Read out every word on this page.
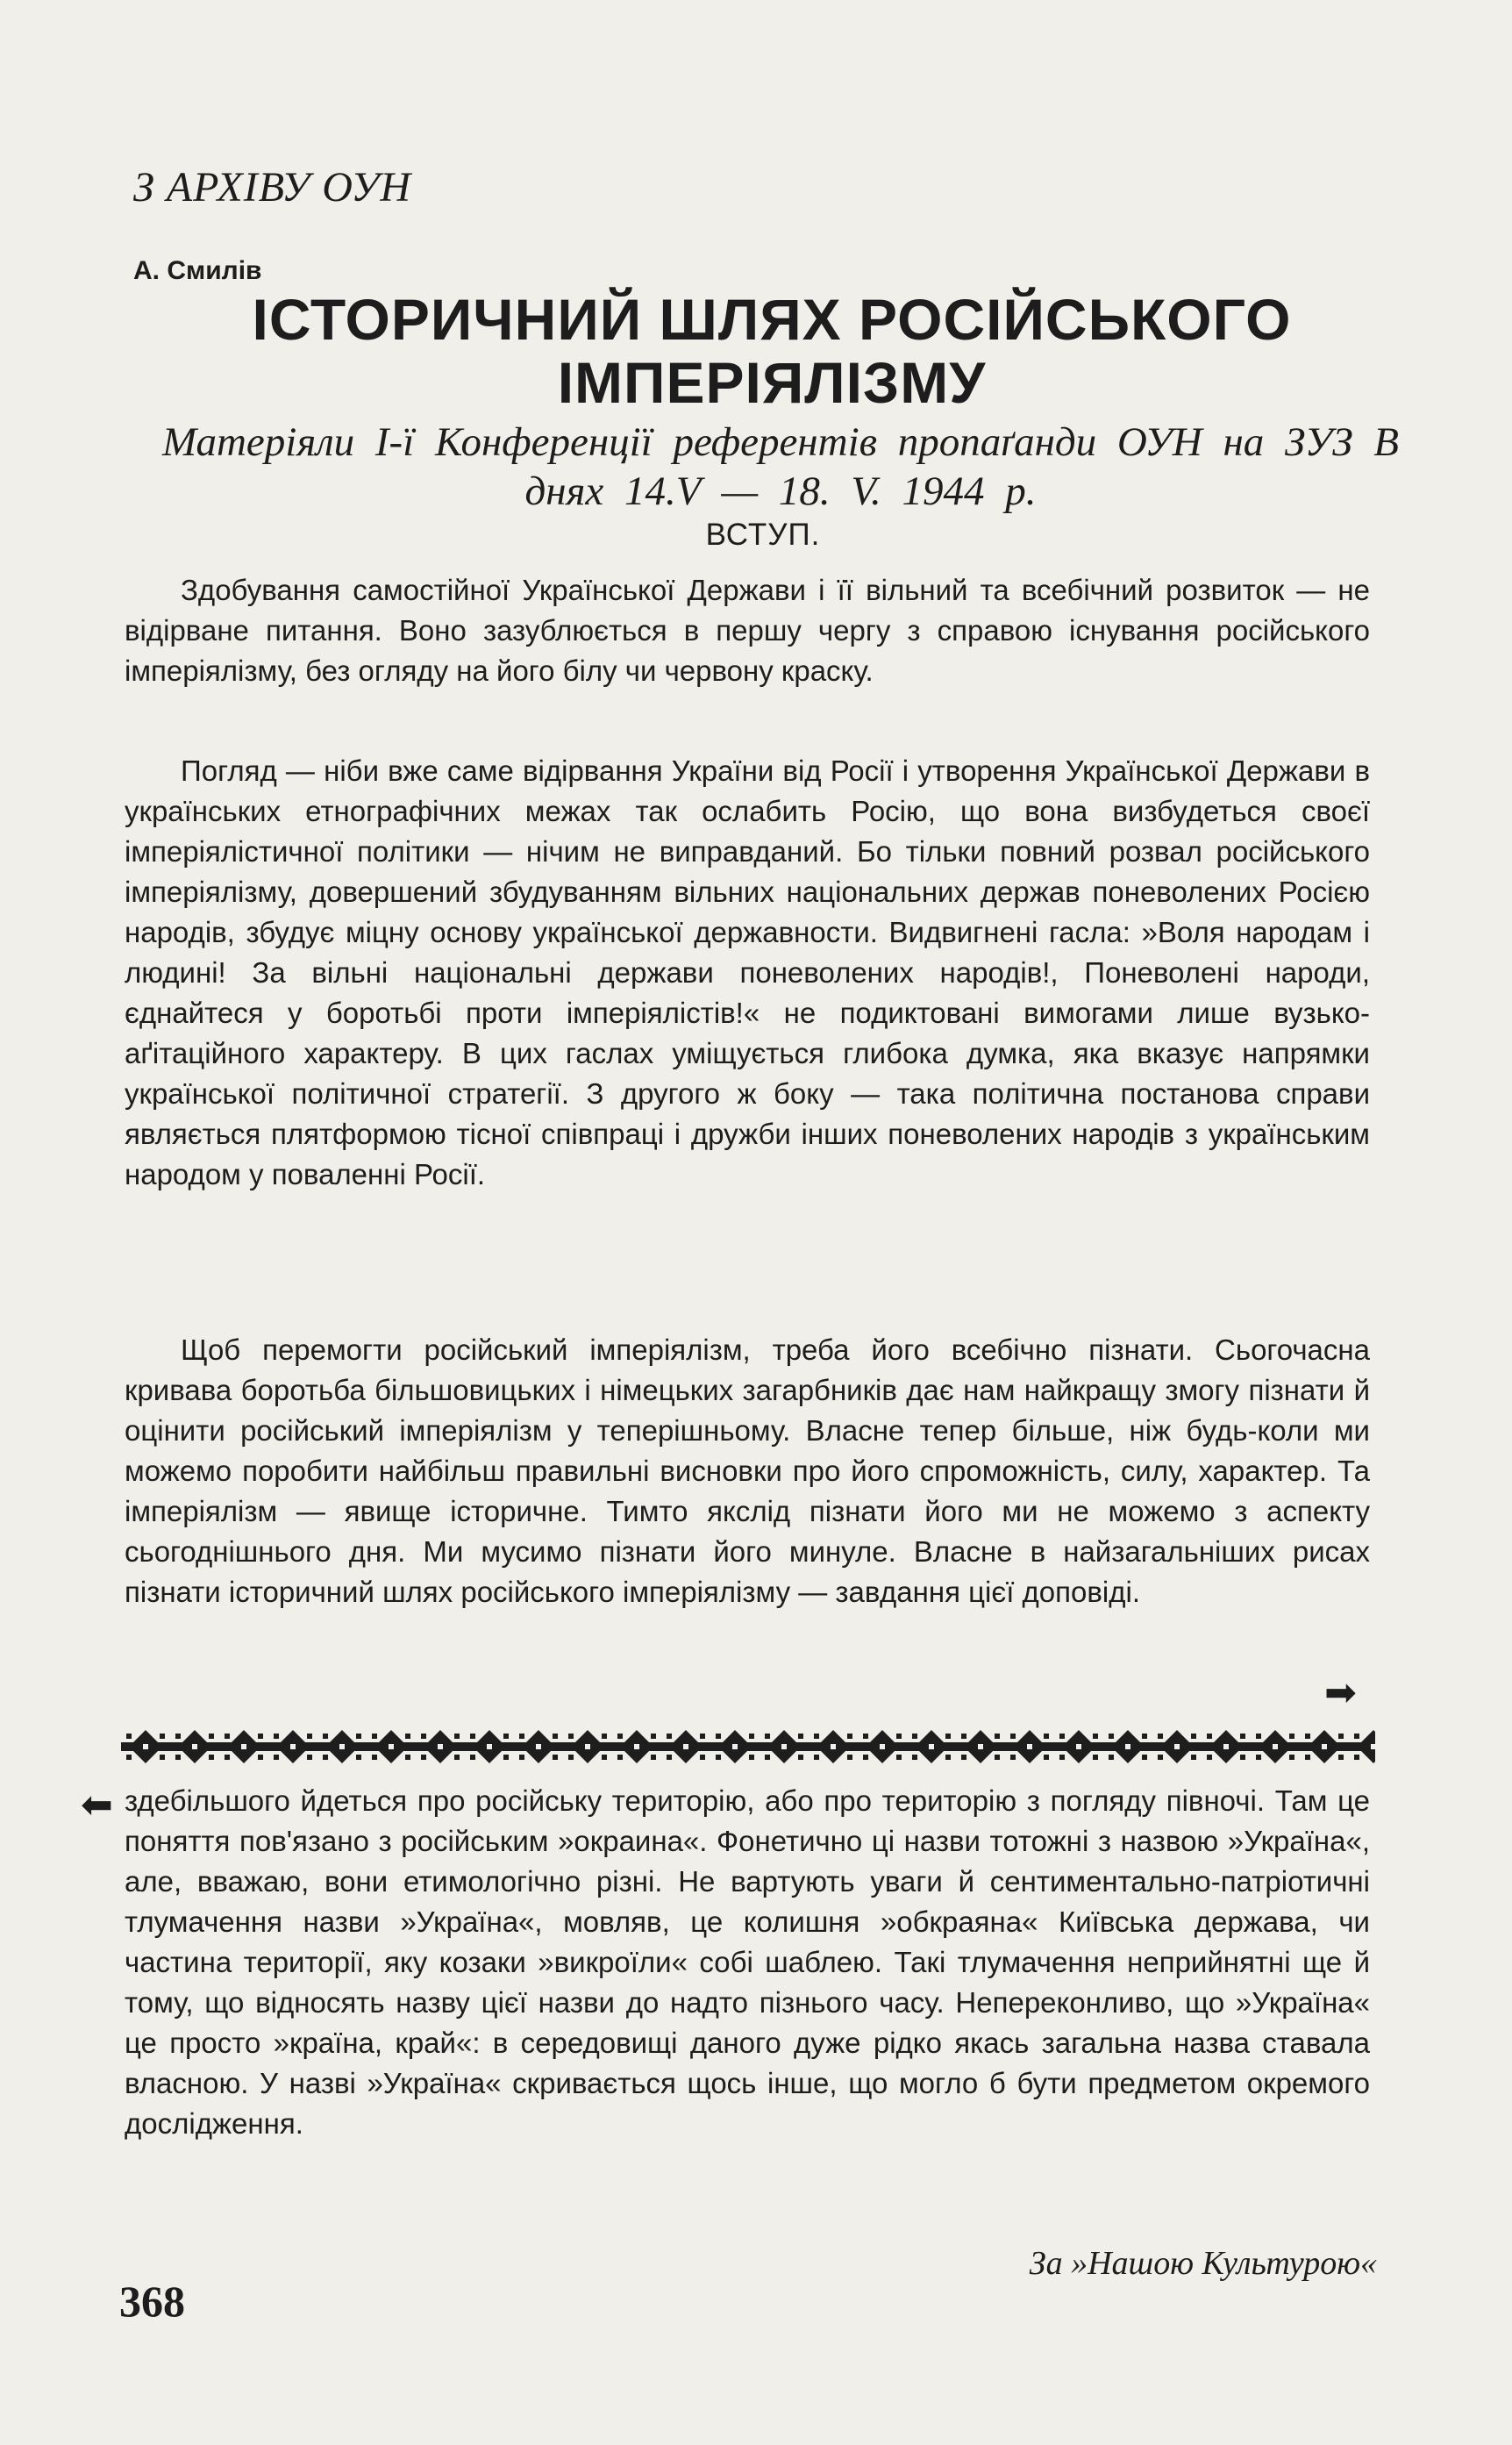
З АРХІВУ ОУН
А. Смилів
ІСТОРИЧНИЙ ШЛЯХ РОСІЙСЬКОГО ІМПЕРІЯЛІЗМУ
Матеріяли І-ї Конференції референтів пропаґанди ОУН на ЗУЗ В днях 14.V — 18. V. 1944 р.
ВСТУП.

Здобування самостійної Української Держави і її вільний та всебічний розвиток — не відірване питання. Воно зазублюється в першу чергу з справою існування російського імперіялізму, без огляду на його білу чи червону краску.

Погляд — ніби вже саме відірвання України від Росії і утворення Української Держави в українських етнографічних межах так ослабить Росію, що вона визбудеться своєї імперіялістичної політики — нічим не виправданий. Бо тільки повний розвал російського імперіялізму, довершений збудуванням вільних національних держав поневолених Росією народів, збудує міцну основу української державности. Видвигнені гасла: »Воля народам і людині! За вільні національні держави поневолених народів!, Поневолені народи, єднайтеся у боротьбі проти імперіялістів!« не подиктовані вимогами лише вузько-аґітаційного характеру. В цих гаслах уміщується глибока думка, яка вказує напрямки української політичної стратегії. З другого ж боку — така політична постанова справи являється плятформою тісної співпраці і дружби інших поневолених народів з українським народом у поваленні Росії.

Щоб перемогти російський імперіялізм, треба його всебічно пізнати. Сьогочасна кривава боротьба більшовицьких і німецьких загарбників дає нам найкращу змогу пізнати й оцінити російський імперіялізм у теперішньому. Власне тепер більше, ніж будь-коли ми можемо поробити найбільш правильні висновки про його спроможність, силу, характер. Та імперіялізм — явище історичне. Тимто якслід пізнати його ми не можемо з аспекту сьогоднішнього дня. Ми мусимо пізнати його минуле. Власне в найзагальніших рисах пізнати історичний шлях російського імперіялізму — завдання цієї доповіді.

➡
⬅ здебільшого йдеться про російську територію, або про територію з погляду півночі. Там це поняття пов'язано з російським »окраина«. Фонетично ці назви тотожні з назвою »Україна«, але, вважаю, вони етимологічно різні. Не вартують уваги й сентиментально-патріотичні тлумачення назви »Україна«, мовляв, це колишня »обкраяна« Київська держава, чи частина території, яку козаки »викроїли« собі шаблею. Такі тлумачення неприйнятні ще й тому, що відносять назву цієї назви до надто пізнього часу. Непереконливо, що »Україна« це просто »країна, край«: в середовищі даного дуже рідко якась загальна назва ставала власною. У назві »Україна« скривається щось інше, що могло б бути предметом окремого дослідження.

За »Нашою Культурою«
368
